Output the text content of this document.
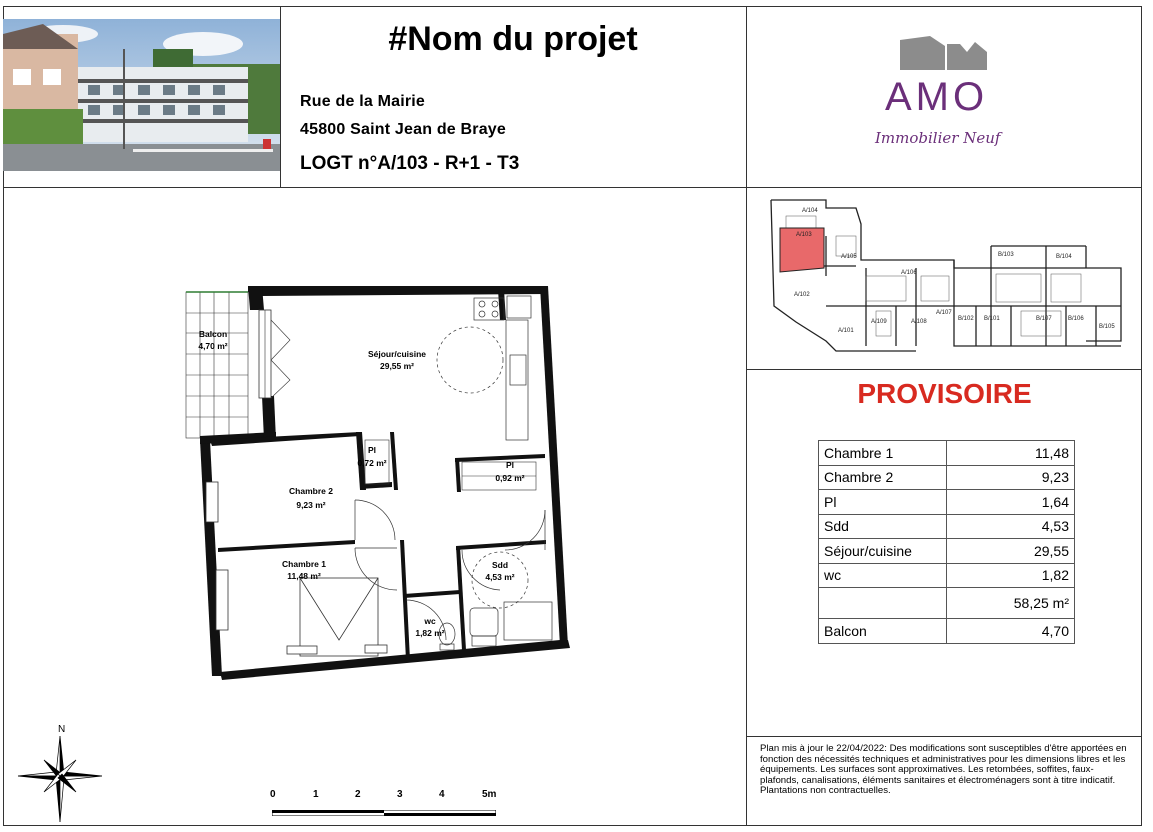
#Nom du projet
Rue de la Mairie
45800 Saint Jean de Braye
LOGT n°A/103 - R+1 - T3
AMO
Immobilier Neuf
Balcon
4,70 m²
Séjour/cuisine
29,55 m²
Pl
0,72 m²	Pl
0,92 m²
Chambre 2
9,23 m²
Chambre 1
11,48 m²
Sdd
4,53 m²
wc
1,82 m²
A/104
A/103
A/105
A/106
A/102
A/107
A/101
A/109	A/108
B/103	B/104
B/102 B/101	B/107	B/106
B/105
PROVISOIRE
Chambre 1	11,48
Chambre 2	9,23
Pl	1,64
Sdd	4,53
Séjour/cuisine	29,55
wc	1,82
	58,25 m²
Balcon	4,70
N
0	1	2	3	4	5m
Plan mis à jour le 22/04/2022: Des modifications sont susceptibles d'être apportées en fonction des nécessités techniques et administratives pour les dimensions libres et les équipements. Les surfaces sont approximatives. Les retombées, soffites, faux-plafonds, canalisations, éléments sanitaires et électroménagers sont à titre indicatif. Plantations non contractuelles.
